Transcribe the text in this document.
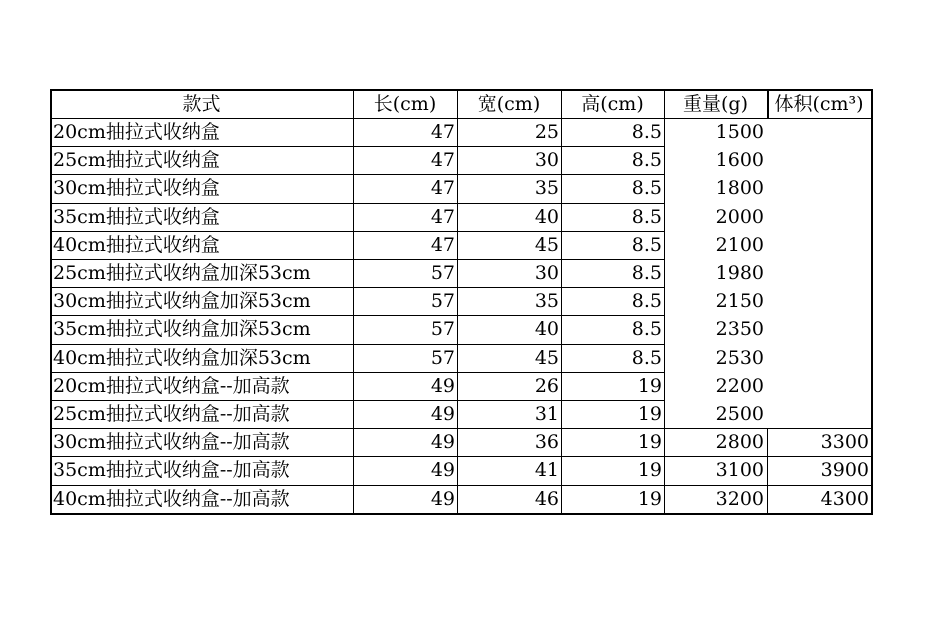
款式	长(cm)	宽(cm)	高(cm)	重量(g)	体积(cm³)
20cm抽拉式收纳盒	47	25	8.5	1500
25cm抽拉式收纳盒	47	30	8.5	1600
30cm抽拉式收纳盒	47	35	8.5	1800
35cm抽拉式收纳盒	47	40	8.5	2000
40cm抽拉式收纳盒	47	45	8.5	2100
25cm抽拉式收纳盒加深53cm	57	30	8.5	1980
30cm抽拉式收纳盒加深53cm	57	35	8.5	2150
35cm抽拉式收纳盒加深53cm	57	40	8.5	2350
40cm抽拉式收纳盒加深53cm	57	45	8.5	2530
20cm抽拉式收纳盒--加高款	49	26	19	2200
25cm抽拉式收纳盒--加高款	49	31	19	2500
30cm抽拉式收纳盒--加高款	49	36	19	2800	3300
35cm抽拉式收纳盒--加高款	49	41	19	3100	3900
40cm抽拉式收纳盒--加高款	49	46	19	3200	4300
